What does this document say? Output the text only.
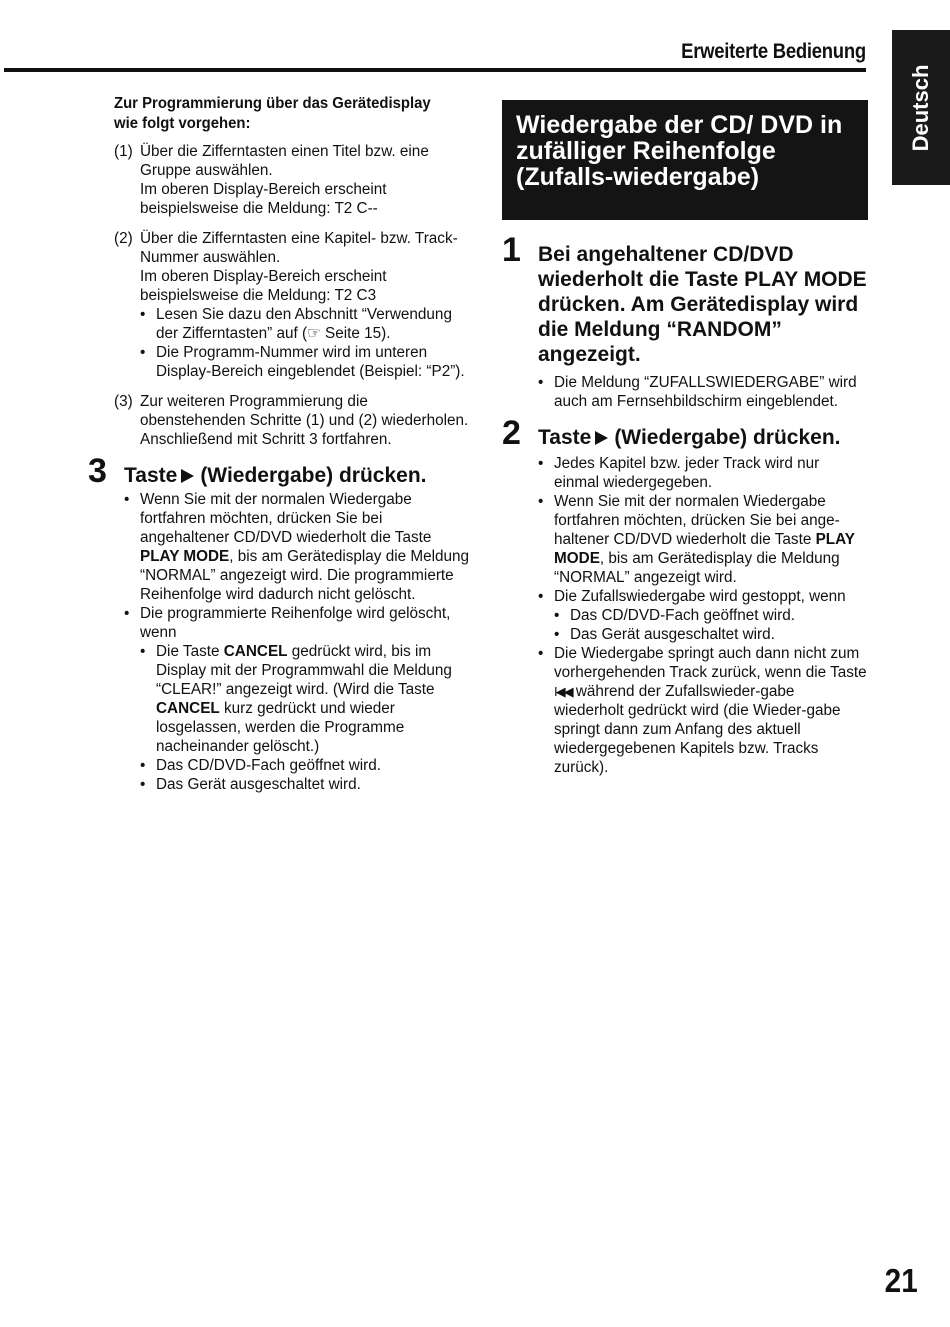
Erweiterte Bedienung
Deutsch
Zur Programmierung über das Gerätedisplay wie folgt vorgehen:
(1) Über die Zifferntasten einen Titel bzw. eine Gruppe auswählen.
Im oberen Display-Bereich erscheint beispielsweise die Meldung: T2 C--
(2) Über die Zifferntasten eine Kapitel- bzw. Track-Nummer auswählen.
Im oberen Display-Bereich erscheint beispielsweise die Meldung: T2 C3
• Lesen Sie dazu den Abschnitt “Verwendung der Zifferntasten” auf (☞ Seite 15).
• Die Programm-Nummer wird im unteren Display-Bereich eingeblendet (Beispiel: “P2”).
(3) Zur weiteren Programmierung die obenstehenden Schritte (1) und (2) wiederholen. Anschließend mit Schritt 3 fortfahren.
3 Taste (Wiedergabe) drücken.
• Wenn Sie mit der normalen Wiedergabe fortfahren möchten, drücken Sie bei angehaltener CD/DVD wiederholt die Taste PLAY MODE, bis am Gerätedisplay die Meldung “NORMAL” angezeigt wird. Die programmierte Reihenfolge wird dadurch nicht gelöscht.
• Die programmierte Reihenfolge wird gelöscht, wenn
• Die Taste CANCEL gedrückt wird, bis im Display mit der Programmwahl die Meldung “CLEAR!” angezeigt wird. (Wird die Taste CANCEL kurz gedrückt und wieder losgelassen, werden die Programme nacheinander gelöscht.)
• Das CD/DVD-Fach geöffnet wird.
• Das Gerät ausgeschaltet wird.
Wiedergabe der CD/ DVD in zufälliger Reihenfolge (Zufalls-wiedergabe)
1 Bei angehaltener CD/DVD wiederholt die Taste PLAY MODE drücken. Am Gerätedisplay wird die Meldung “RANDOM” angezeigt.
• Die Meldung “ZUFALLSWIEDERGABE” wird auch am Fernsehbildschirm eingeblendet.
2 Taste (Wiedergabe) drücken.
• Jedes Kapitel bzw. jeder Track wird nur einmal wiedergegeben.
• Wenn Sie mit der normalen Wiedergabe fortfahren möchten, drücken Sie bei ange-haltener CD/DVD wiederholt die Taste PLAY MODE, bis am Gerätedisplay die Meldung “NORMAL” angezeigt wird.
• Die Zufallswiedergabe wird gestoppt, wenn
• Das CD/DVD-Fach geöffnet wird.
• Das Gerät ausgeschaltet wird.
• Die Wiedergabe springt auch dann nicht zum vorhergehenden Track zurück, wenn die Taste I◀◀ während der Zufallswieder-gabe wiederholt gedrückt wird (die Wieder-gabe springt dann zum Anfang des aktuell wiedergegebenen Kapitels bzw. Tracks zurück).
21
